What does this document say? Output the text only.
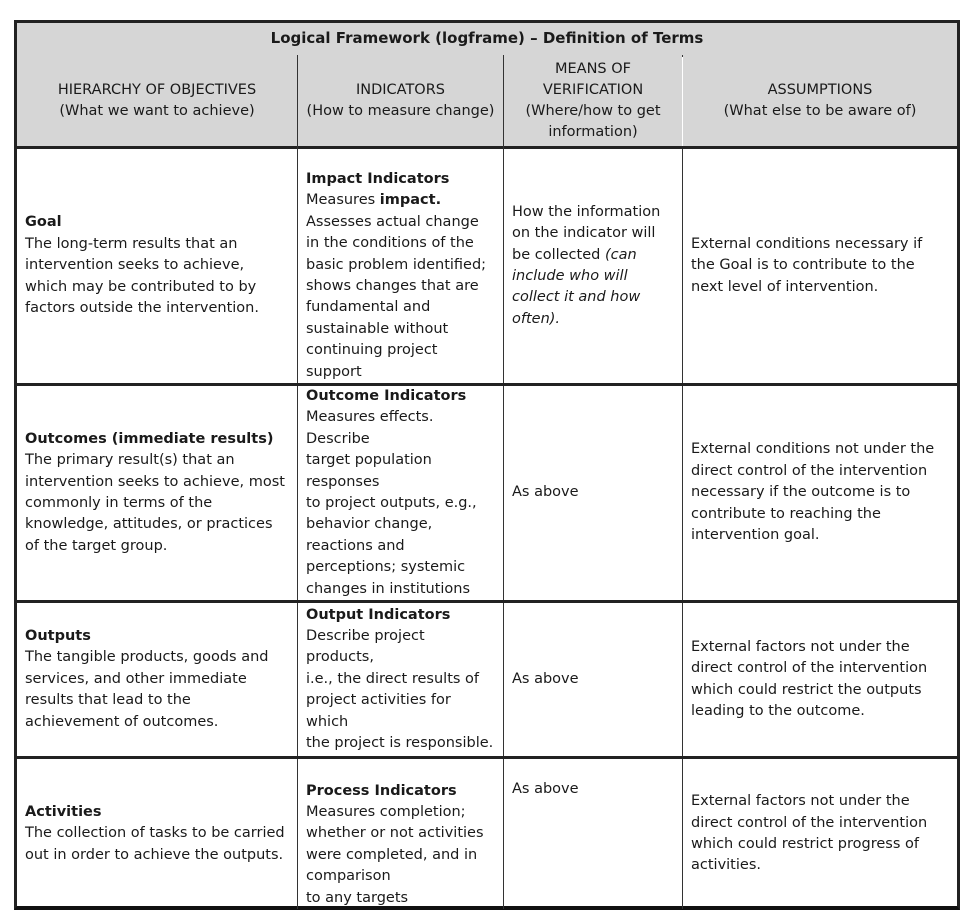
Logical Framework (logframe) – Definition of Terms
HIERARCHY OF OBJECTIVES
(What we want to achieve)
INDICATORS
(How to measure change)
MEANS OF
VERIFICATION
(Where/how to get
information)
ASSUMPTIONS
(What else to be aware of)
Goal
The long-term results that an intervention seeks to achieve, which may be contributed to by factors outside the intervention.
Impact Indicators
Measures impact.
Assesses actual change in the conditions of the basic problem identified; shows changes that are fundamental and sustainable without continuing project support
How the information on the indicator will be collected (can include who will collect it and how often).
External conditions necessary if the Goal is to contribute to the next level of intervention.
Outcomes (immediate results)
The primary result(s) that an intervention seeks to achieve, most commonly in terms of the knowledge, attitudes, or practices of the target group.
Outcome Indicators
Measures effects.
Describe
target population responses
to project outputs, e.g., behavior change, reactions and perceptions; systemic changes in institutions
As above
External conditions not under the direct control of the intervention necessary if the outcome is to contribute to reaching the intervention goal.
Outputs
The tangible products, goods and services, and other immediate results that lead to the achievement of outcomes.
Output Indicators
Describe project products,
i.e., the direct results of project activities for which
the project is responsible.
As above
External factors not under the direct control of the intervention which could restrict the outputs leading to the outcome.
Activities
The collection of tasks to be carried out in order to achieve the outputs.
Process Indicators
Measures completion; whether or not activities were completed, and in comparison
to any targets
As above
External factors not under the direct control of the intervention which could restrict progress of activities.
